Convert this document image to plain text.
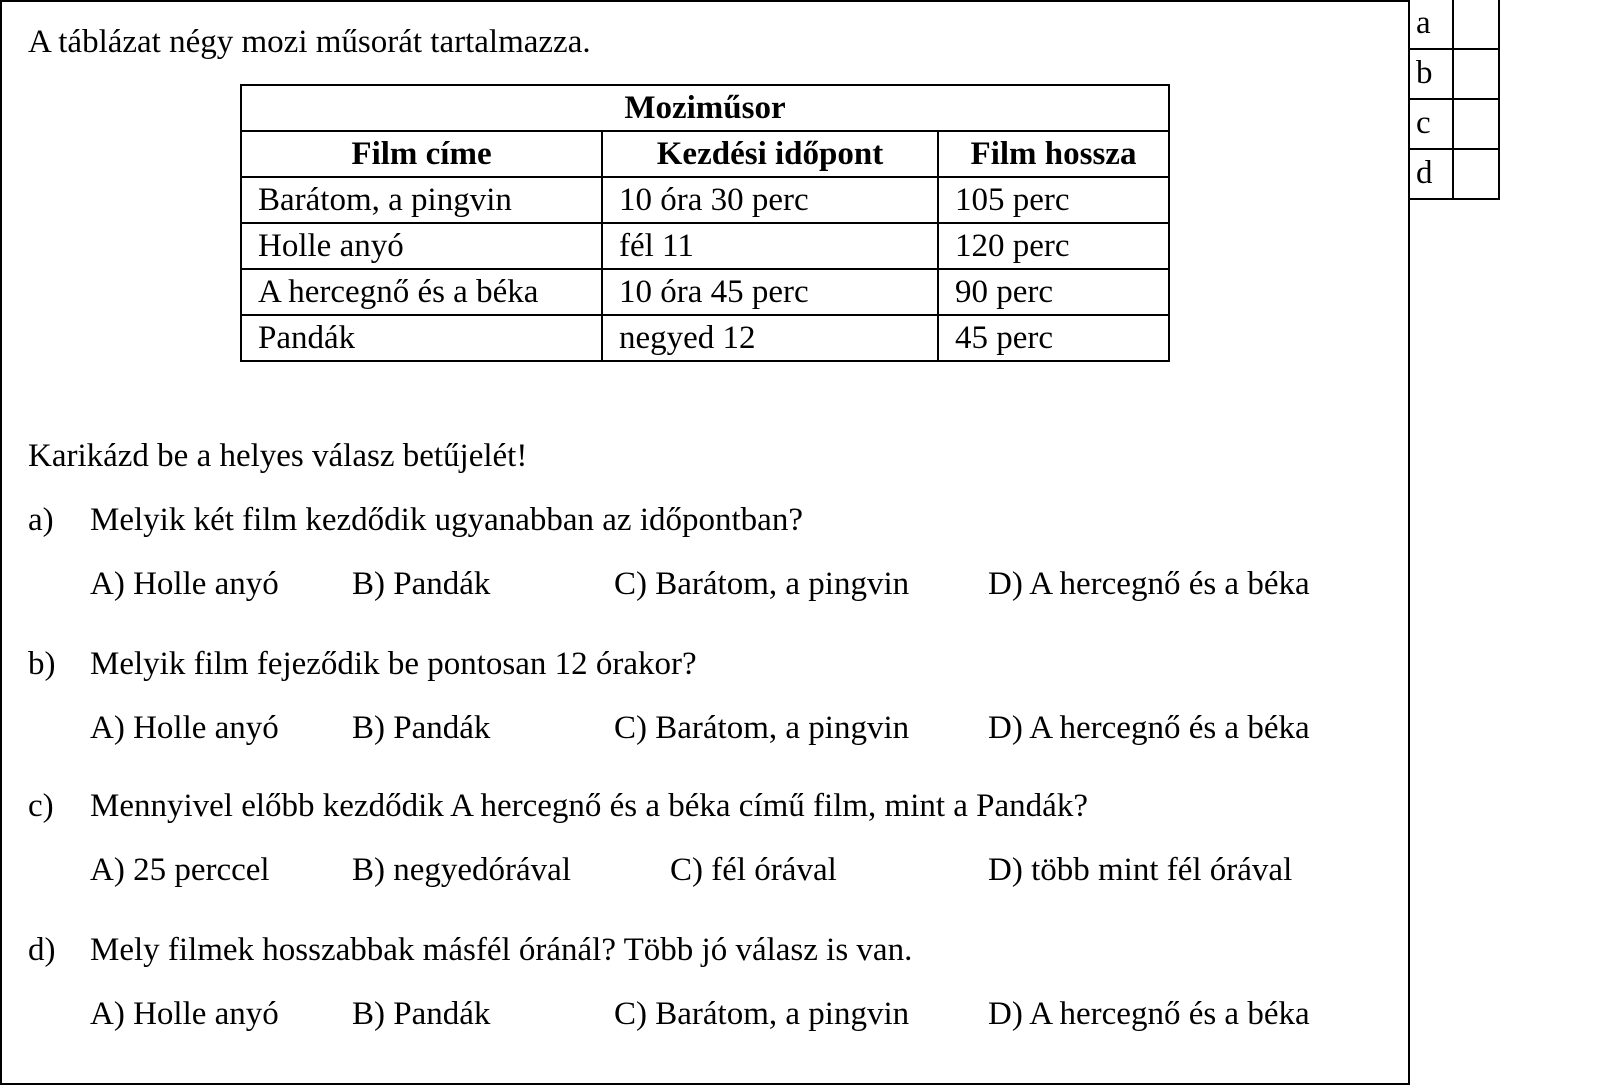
A táblázat négy mozi műsorát tartalmazza.
Moziműsor		
Film címe	Kezdési időpont	Film hossza
Barátom, a pingvin	10 óra 30 perc	105 perc
Holle anyó	fél 11	120 perc
A hercegnő és a béka	10 óra 45 perc	90 perc
Pandák	negyed 12	45 perc
Karikázd be a helyes válasz betűjelét!
a) Melyik két film kezdődik ugyanabban az időpontban?
A) Holle anyó B) Pandák	C) Barátom, a pingvin D) A hercegnő és a béka
b) Melyik film fejeződik be pontosan 12 órakor?
A) Holle anyó B) Pandák	C) Barátom, a pingvin D) A hercegnő és a béka
c) Mennyivel előbb kezdődik A hercegnő és a béka című film, mint a Pandák?
A) 25 perccel B) negyedórával	C) fél órával	D) több mint fél órával
d) Mely filmek hosszabbak másfél óránál? Több jó válasz is van.
A) Holle anyó B) Pandák	C) Barátom, a pingvin D) A hercegnő és a béka
a
b
c
d
